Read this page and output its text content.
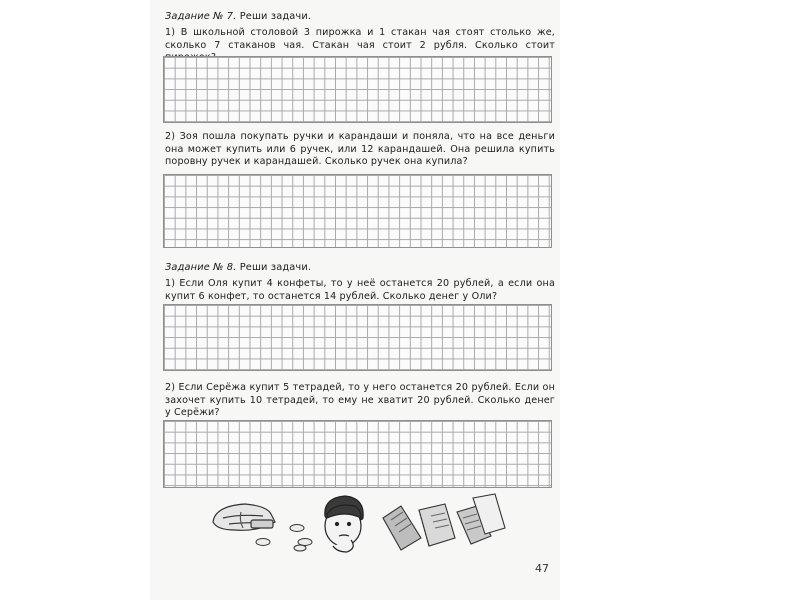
Задание № 7. Реши задачи.
1) В школьной столовой 3 пирожка и 1 стакан чая стоят столько же, сколько 7 стаканов чая. Стакан чая стоит 2 рубля. Сколько стоит
2) Зоя пошла покупать ручки и карандаши и поняла, что на все деньги она может купить или 6 ручек, или 12 карандашей. Она решила купить поровну ручек и карандашей. Сколько ручек она купила?
Задание № 8. Реши задачи.
1) Если Оля купит 4 конфеты, то у неё останется 20 рублей, а если она купит 6 конфет, то останется 14 рублей. Сколько денег у Оли?
2) Если Серёжа купит 5 тетрадей, то у него останется 20 рублей. Если он захочет купить 10 тетрадей, то ему не хватит 20 рублей. Сколько денег у Серёжи?
47
